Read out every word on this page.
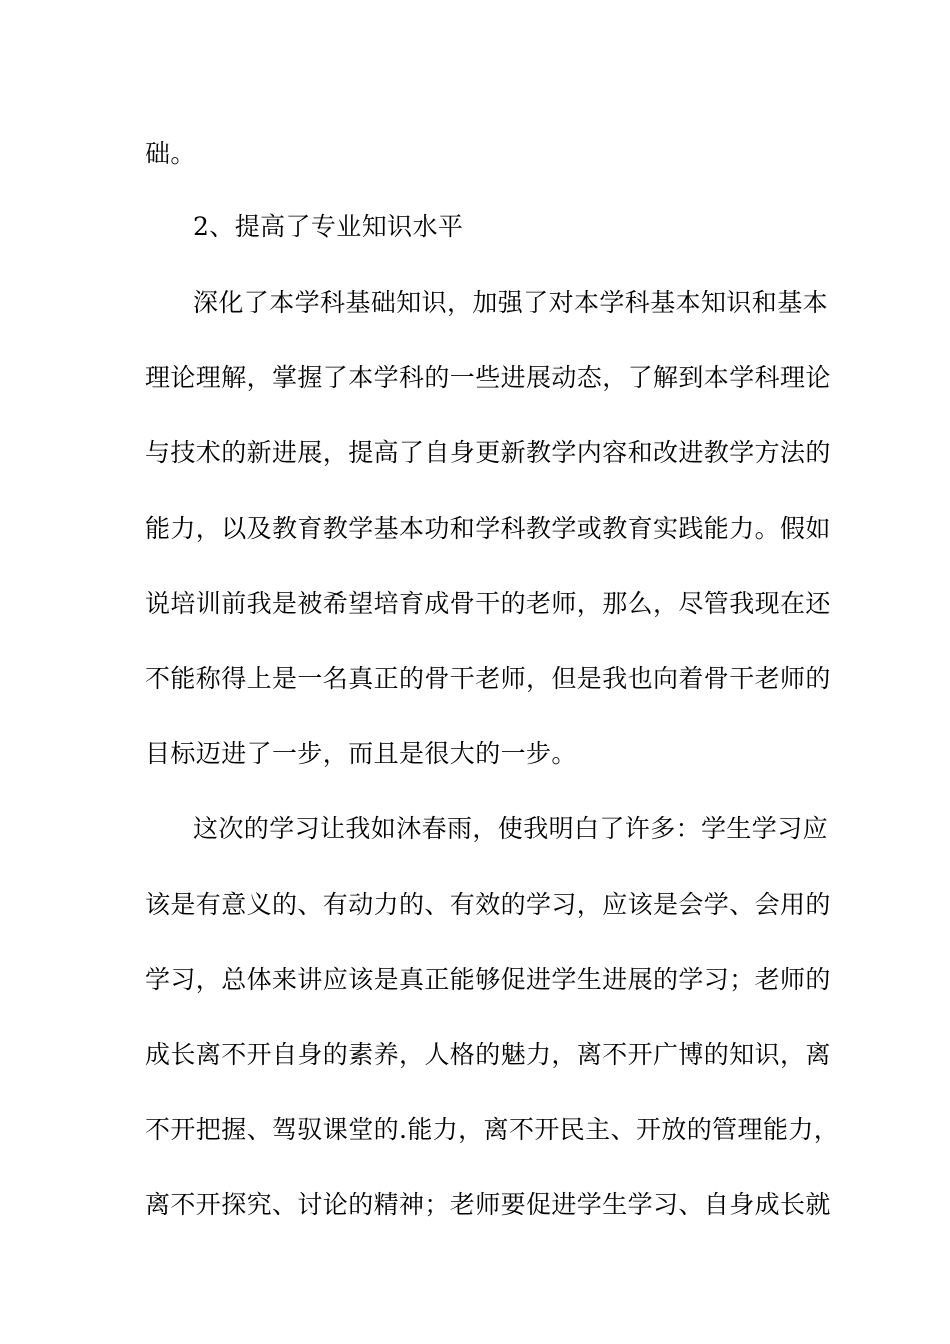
础。
2、提高了专业知识水平
深化了本学科基础知识，加强了对本学科基本知识和基本
理论理解，掌握了本学科的一些进展动态，了解到本学科理论
与技术的新进展，提高了自身更新教学内容和改进教学方法的
能力，以及教育教学基本功和学科教学或教育实践能力。假如
说培训前我是被希望培育成骨干的老师，那么，尽管我现在还
不能称得上是一名真正的骨干老师，但是我也向着骨干老师的
目标迈进了一步，而且是很大的一步。
这次的学习让我如沐春雨，使我明白了许多：学生学习应
该是有意义的、有动力的、有效的学习，应该是会学、会用的
学习，总体来讲应该是真正能够促进学生进展的学习；老师的
成长离不开自身的素养，人格的魅力，离不开广博的知识，离
不开把握、驾驭课堂的.能力，离不开民主、开放的管理能力，
离不开探究、讨论的精神；老师要促进学生学习、自身成长就
